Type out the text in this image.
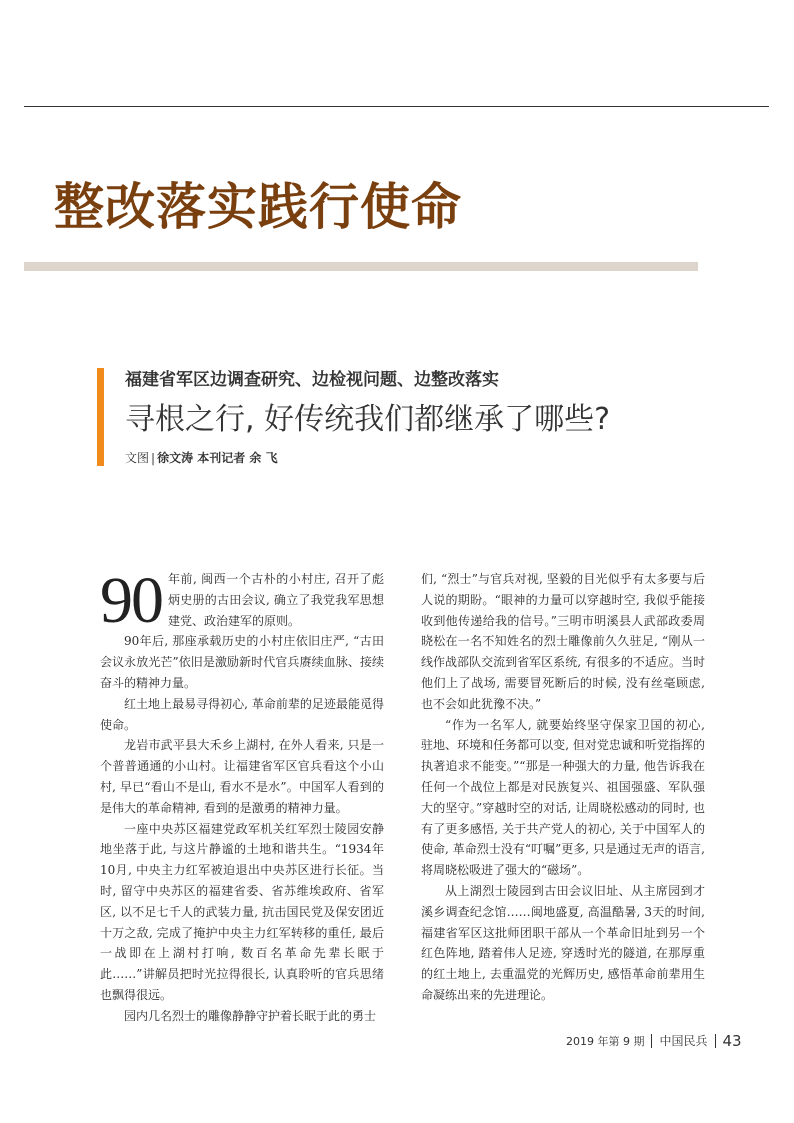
整改落实践行使命
福建省军区边调查研究、边检视问题、边整改落实
寻根之行, 好传统我们都继承了哪些?

文图 | 徐文涛 本刊记者 余 飞

90 年前, 闽西一个古朴的小村庄, 召开了彪炳史册的古田会议, 确立了我党我军思想建党、政治建军的原则。

90年后, 那座承载历史的小村庄依旧庄严, “古田会议永放光芒”依旧是激励新时代官兵赓续血脉、接续奋斗的精神力量。

红土地上最易寻得初心, 革命前辈的足迹最能觅得使命。

龙岩市武平县大禾乡上湖村, 在外人看来, 只是一个普普通通的小山村。让福建省军区官兵看这个小山村, 早已“看山不是山, 看水不是水”。中国军人看到的是伟大的革命精神, 看到的是激勇的精神力量。

一座中央苏区福建党政军机关红军烈士陵园安静地坐落于此, 与这片静谧的土地和谐共生。“1934年10月, 中央主力红军被迫退出中央苏区进行长征。当时, 留守中央苏区的福建省委、省苏维埃政府、省军区, 以不足七千人的武装力量, 抗击国民党及保安团近十万之敌, 完成了掩护中央主力红军转移的重任, 最后一战即在上湖村打响, 数百名革命先辈长眠于此……”讲解员把时光拉得很长, 认真聆听的官兵思绪也飘得很远。

园内几名烈士的雕像静静守护着长眠于此的勇士

们, “烈士”与官兵对视, 坚毅的目光似乎有太多要与后人说的期盼。“眼神的力量可以穿越时空, 我似乎能接收到他传递给我的信号。”三明市明溪县人武部政委周晓松在一名不知姓名的烈士雕像前久久驻足, “刚从一线作战部队交流到省军区系统, 有很多的不适应。当时他们上了战场, 需要冒死断后的时候, 没有丝毫顾虑, 也不会如此犹豫不决。”

“作为一名军人, 就要始终坚守保家卫国的初心, 驻地、环境和任务都可以变, 但对党忠诚和听党指挥的执著追求不能变。”“那是一种强大的力量, 他告诉我在任何一个战位上都是对民族复兴、祖国强盛、军队强大的坚守。”穿越时空的对话, 让周晓松感动的同时, 也有了更多感悟, 关于共产党人的初心, 关于中国军人的使命, 革命烈士没有“叮嘱”更多, 只是通过无声的语言, 将周晓松吸进了强大的“磁场”。

从上湖烈士陵园到古田会议旧址、从主席园到才溪乡调查纪念馆……闽地盛夏, 高温酷暑, 3天的时间, 福建省军区这批师团职干部从一个革命旧址到另一个红色阵地, 踏着伟人足迹, 穿透时光的隧道, 在那厚重的红土地上, 去重温党的光辉历史, 感悟革命前辈用生命凝练出来的先进理论。

2019 年第 9 期 中国民兵 43
